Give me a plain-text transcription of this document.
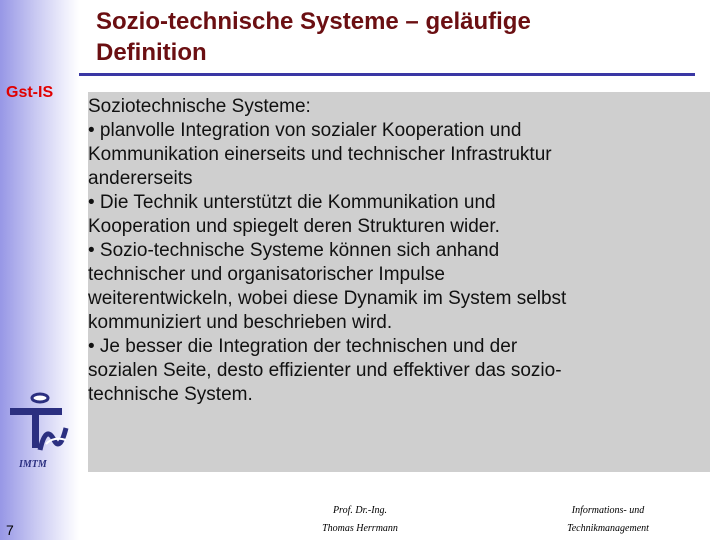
Gst-IS
IMTM
7
Sozio-technische Systeme – geläufige
Definition
Soziotechnische Systeme:
• planvolle Integration von sozialer Kooperation und
Kommunikation einerseits und technischer Infrastruktur
andererseits
• Die Technik unterstützt die Kommunikation und
Kooperation und spiegelt deren Strukturen wider.
• Sozio-technische Systeme können sich anhand
technischer und organisatorischer Impulse
weiterentwickeln, wobei diese Dynamik im System selbst
kommuniziert und beschrieben wird.
• Je besser die Integration der technischen und der
sozialen Seite, desto effizienter und effektiver das sozio-
technische System.
Prof. Dr.-Ing.
Thomas Herrmann
Informations- und
Technikmanagement
